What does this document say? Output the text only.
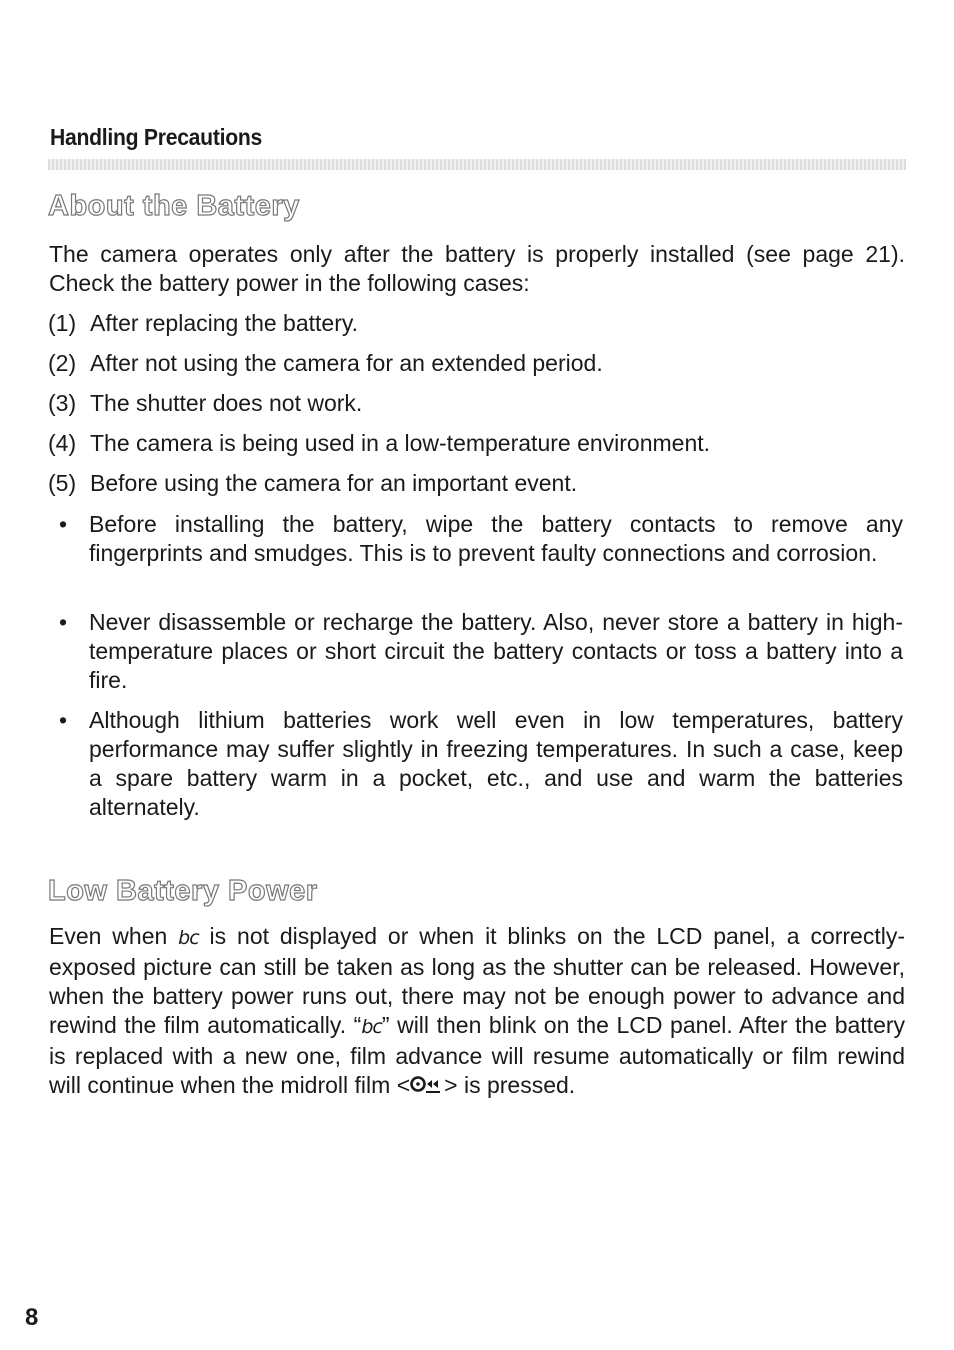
Handling Precautions
About the Battery
The camera operates only after the battery is properly installed (see page 21). Check the battery power in the following cases:
(1) After replacing the battery.
(2) After not using the camera for an extended period.
(3) The shutter does not work.
(4) The camera is being used in a low-temperature environment.
(5) Before using the camera for an important event.
• Before installing the battery, wipe the battery contacts to remove any fingerprints and smudges. This is to prevent faulty connections and corrosion.
• Never disassemble or recharge the battery. Also, never store a battery in high-temperature places or short circuit the battery contacts or toss a battery into a fire.
• Although lithium batteries work well even in low temperatures, battery performance may suffer slightly in freezing temperatures. In such a case, keep a spare battery warm in a pocket, etc., and use and warm the batteries alternately.
Low Battery Power
Even when bc is not displayed or when it blinks on the LCD panel, a correctly-exposed picture can still be taken as long as the shutter can be released. However, when the battery power runs out, there may not be enough power to advance and rewind the film automatically. “bc” will then blink on the LCD panel. After the battery is replaced with a new one, film advance will resume automatically or film rewind will continue when the midroll film < > is pressed.
8
